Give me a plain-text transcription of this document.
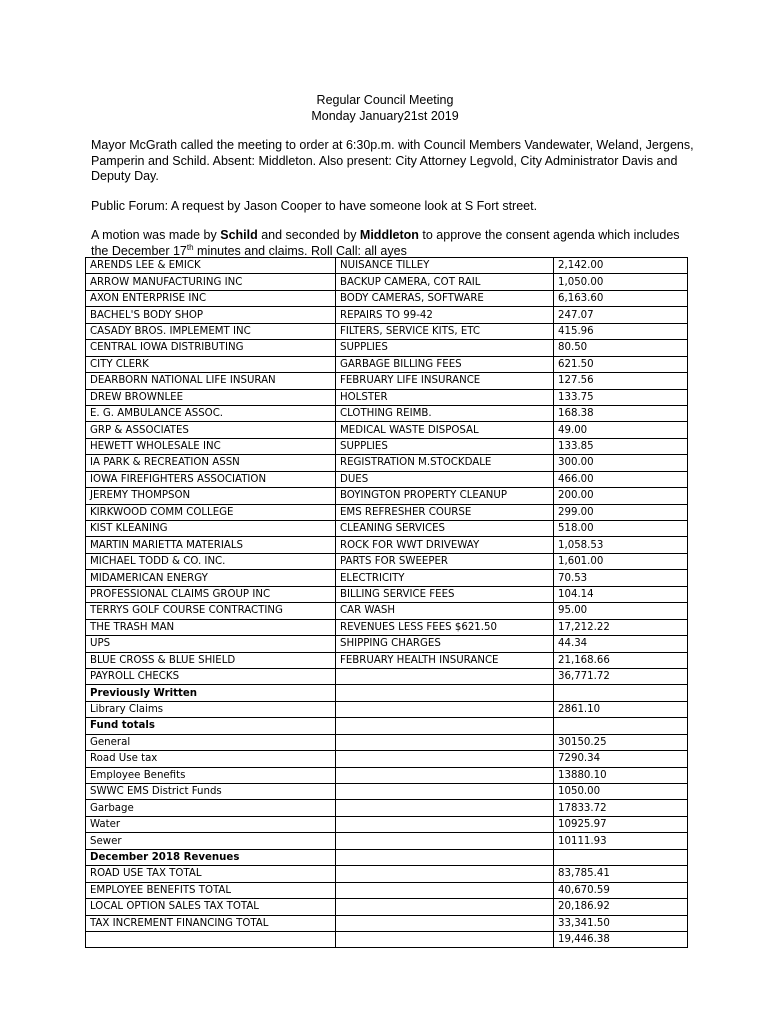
Regular Council Meeting
Monday January21st 2019
Mayor McGrath called the meeting to order at 6:30p.m. with Council Members Vandewater, Weland, Jergens, Pamperin and Schild. Absent: Middleton. Also present: City Attorney Legvold, City Administrator Davis and Deputy Day.
Public Forum: A request by Jason Cooper to have someone look at S Fort street.
A motion was made by Schild and seconded by Middleton to approve the consent agenda which includes the December 17th minutes and claims. Roll Call: all ayes
ARENDS LEE & EMICK	NUISANCE TILLEY	2,142.00
ARROW MANUFACTURING INC	BACKUP CAMERA, COT RAIL	1,050.00
AXON ENTERPRISE INC	BODY CAMERAS, SOFTWARE	6,163.60
BACHEL'S BODY SHOP	REPAIRS TO 99-42	247.07
CASADY BROS. IMPLEMEMT INC	FILTERS, SERVICE KITS, ETC	415.96
CENTRAL IOWA DISTRIBUTING	SUPPLIES	80.50
CITY CLERK	GARBAGE BILLING FEES	621.50
DEARBORN NATIONAL LIFE INSURAN	FEBRUARY LIFE INSURANCE	127.56
DREW BROWNLEE	HOLSTER	133.75
E. G. AMBULANCE ASSOC.	CLOTHING REIMB.	168.38
GRP & ASSOCIATES	MEDICAL WASTE DISPOSAL	49.00
HEWETT WHOLESALE INC	SUPPLIES	133.85
IA PARK & RECREATION ASSN	REGISTRATION M.STOCKDALE	300.00
IOWA FIREFIGHTERS ASSOCIATION	DUES	466.00
JEREMY THOMPSON	BOYINGTON PROPERTY CLEANUP	200.00
KIRKWOOD COMM COLLEGE	EMS REFRESHER COURSE	299.00
KIST KLEANING	CLEANING SERVICES	518.00
MARTIN MARIETTA MATERIALS	ROCK FOR WWT DRIVEWAY	1,058.53
MICHAEL TODD & CO. INC.	PARTS FOR SWEEPER	1,601.00
MIDAMERICAN ENERGY	ELECTRICITY	70.53
PROFESSIONAL CLAIMS GROUP INC	BILLING SERVICE FEES	104.14
TERRYS GOLF COURSE CONTRACTING	CAR WASH	95.00
THE TRASH MAN	REVENUES LESS FEES $621.50	17,212.22
UPS	SHIPPING CHARGES	44.34
BLUE CROSS & BLUE SHIELD	FEBRUARY HEALTH INSURANCE	21,168.66
PAYROLL CHECKS		36,771.72
Previously Written		
Library Claims		2861.10
Fund totals		
General		30150.25
Road Use tax		7290.34
Employee Benefits		13880.10
SWWC EMS District Funds		1050.00
Garbage		17833.72
Water		10925.97
Sewer		10111.93
December 2018 Revenues		
ROAD USE TAX TOTAL		83,785.41
EMPLOYEE BENEFITS TOTAL		40,670.59
LOCAL OPTION SALES TAX TOTAL		20,186.92
TAX INCREMENT FINANCING TOTAL		33,341.50
		19,446.38
